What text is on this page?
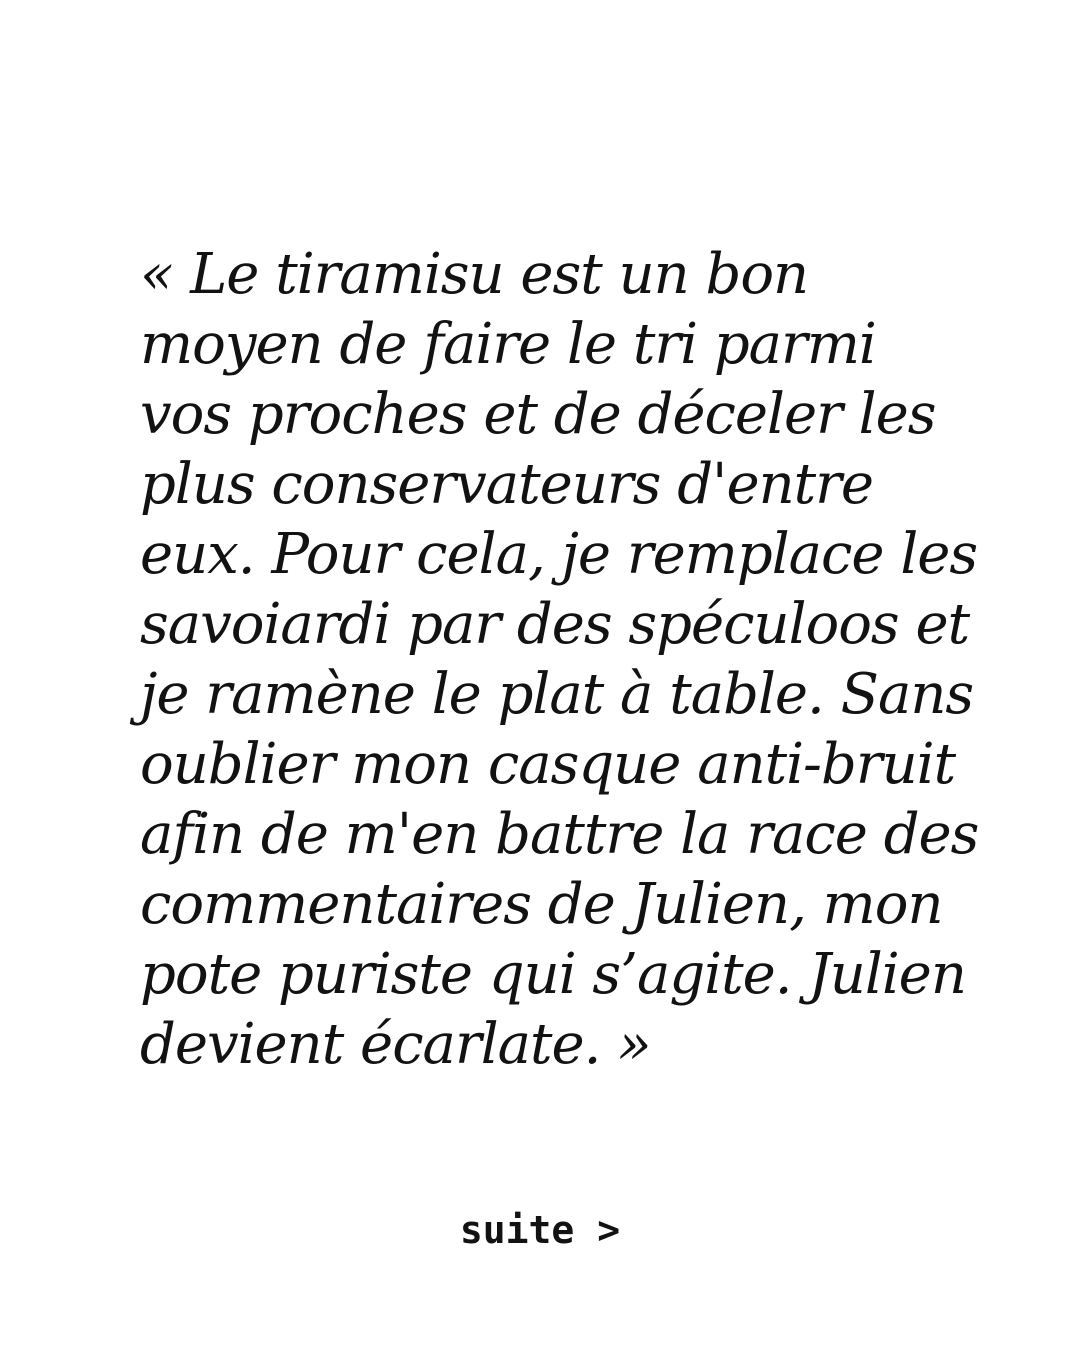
« Le tiramisu est un bon
moyen de faire le tri parmi
vos proches et de déceler les
plus conservateurs d'entre
eux. Pour cela, je remplace les
savoiardi par des spéculoos et
je ramène le plat à table. Sans
oublier mon casque anti-bruit
afin de m'en battre la race des
commentaires de Julien, mon
pote puriste qui s’agite. Julien
devient écarlate. »
suite >
